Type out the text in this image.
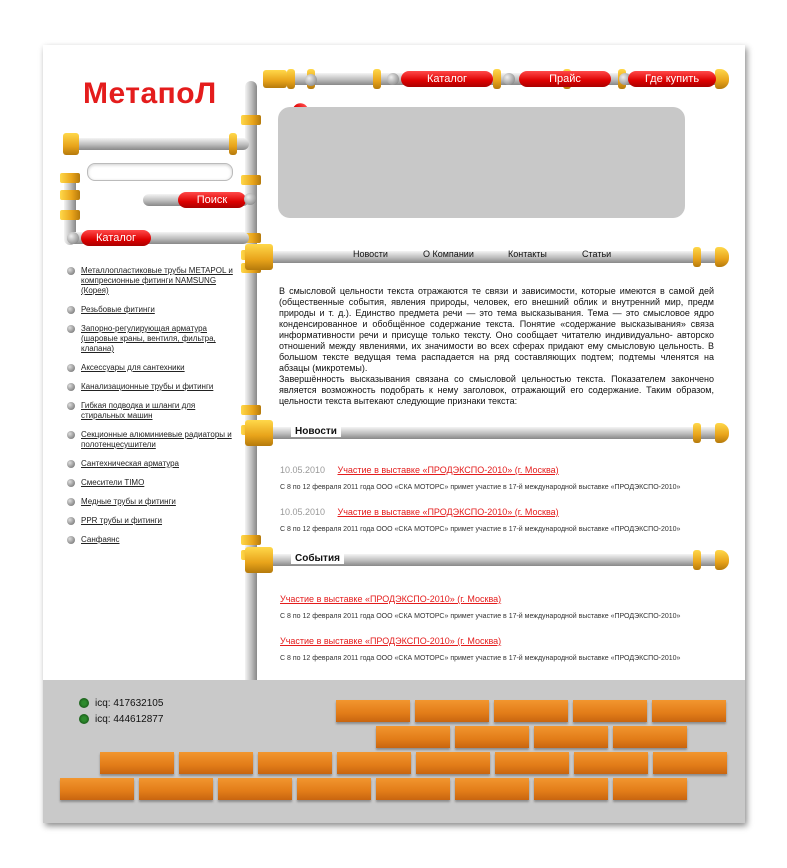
МетапоЛ	Каталог	Прайс	Где купить
Поиск
Каталог
Металлопластиковые трубы METAPOL и компресионные фитинги NAMSUNG (Корея)
Резьбовые фитинги
Запорно-регулирующая арматура (шаровые краны, вентиля, фильтра, клапана)
Аксессуары для сантехники
Канализационные трубы и фитинги
Гибкая подводка и шланги для стиральных машин
Секционные алюминиевые радиаторы и полотенцесушители
Сантехническая арматура
Смесители TIMO
Медные трубы и фитинги
PPR трубы и фитинги
Санфаянс
Новости	О Компании	Контакты	Статьи
В смысловой цельности текста отражаются те связи и зависимости, которые имеются в самой дей (общественные события, явления природы, человек, его внешний облик и внутренний мир, предм природы и т. д.). Единство предмета речи — это тема высказывания. Тема — это смысловое ядро конденсированное и обобщённое содержание текста. Понятие «содержание высказывания» связа информативности речи и присуще только тексту. Оно сообщает читателю индивидуально- авторско отношений между явлениями, их значимости во всех сферах придают ему смысловую цельность. В большом тексте ведущая тема распадается на ряд составляющих подтем; подтемы членятся на абзацы (микротемы).
Завершённость высказывания связана со смысловой цельностью текста. Показателем закончено является возможность подобрать к нему заголовок, отражающий его содержание. Таким образом, цельности текста вытекают следующие признаки текста:
Новости
10.05.2010 Участие в выставке «ПРОДЭКСПО-2010» (г. Москва)
С 8 по 12 февраля 2011 года ООО «СКА МОТОРС» примет участие в 17-й международной выставке «ПРОДЭКСПО-2010»
10.05.2010 Участие в выставке «ПРОДЭКСПО-2010» (г. Москва)
С 8 по 12 февраля 2011 года ООО «СКА МОТОРС» примет участие в 17-й международной выставке «ПРОДЭКСПО-2010»
События
Участие в выставке «ПРОДЭКСПО-2010» (г. Москва)
С 8 по 12 февраля 2011 года ООО «СКА МОТОРС» примет участие в 17-й международной выставке «ПРОДЭКСПО-2010»
Участие в выставке «ПРОДЭКСПО-2010» (г. Москва)
С 8 по 12 февраля 2011 года ООО «СКА МОТОРС» примет участие в 17-й международной выставке «ПРОДЭКСПО-2010»
icq: 417632105
icq: 444612877
